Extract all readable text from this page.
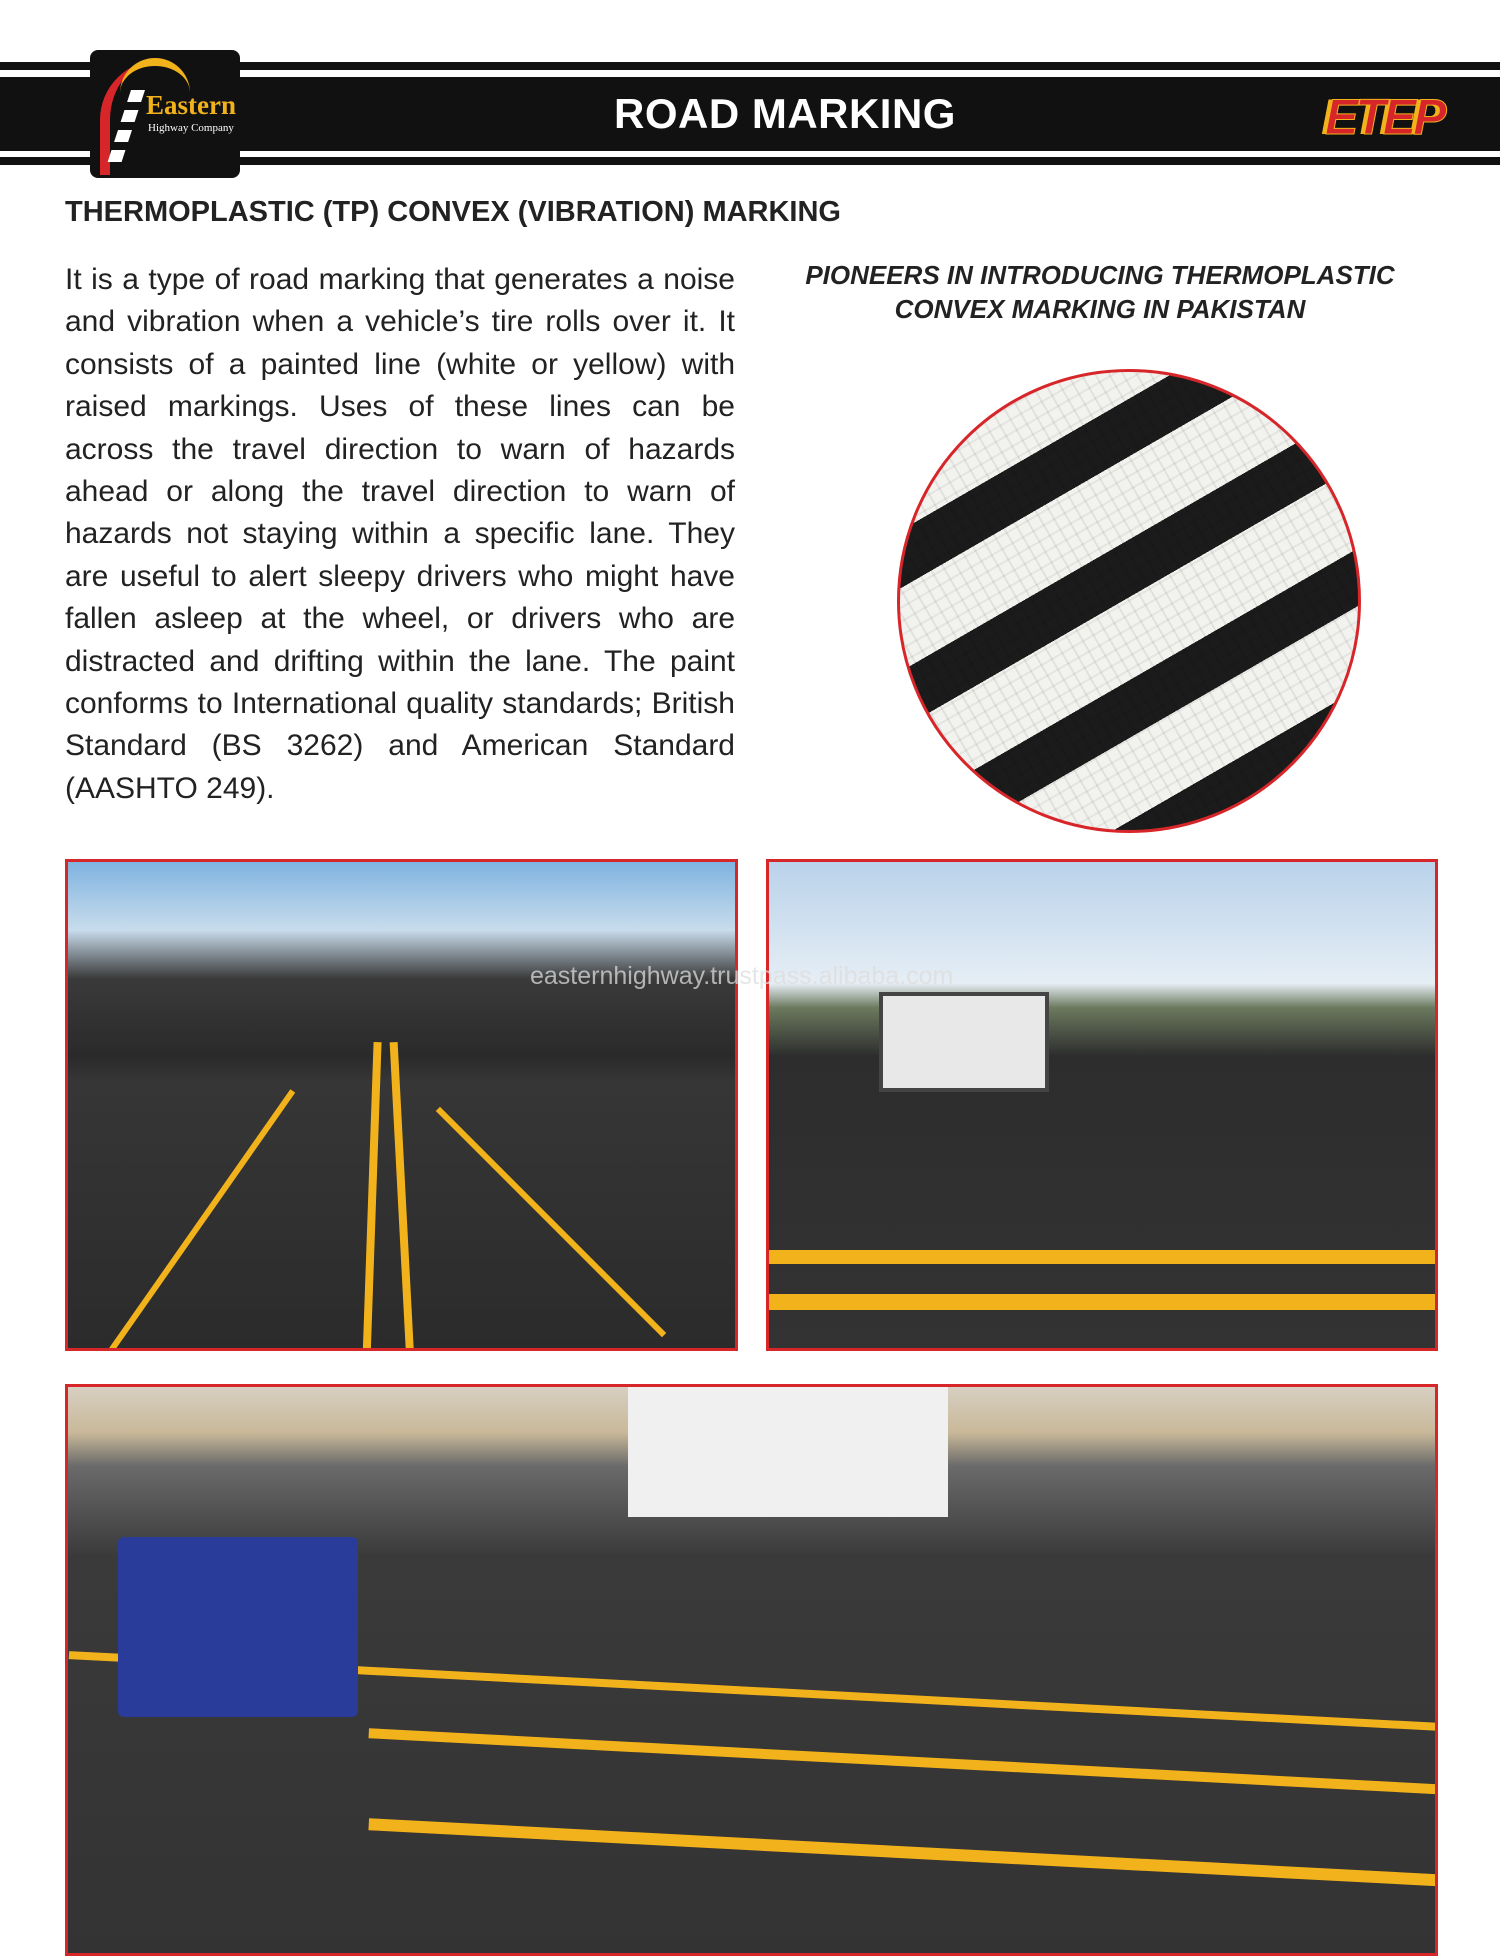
Eastern
Highway Company	ROAD MARKING	ETEP
THERMOPLASTIC (TP) CONVEX (VIBRATION) MARKING
It is a type of road marking that generates a noise and vibration when a vehicle’s tire rolls over it. It consists of a painted line (white or yellow) with raised markings. Uses of these lines can be across the travel direction to warn of hazards ahead or along the travel direction to warn of hazards not staying within a specific lane. They are useful to alert sleepy drivers who might have fallen asleep at the wheel, or drivers who are distracted and drifting within the lane. The paint conforms to International quality standards; British Standard (BS 3262) and American Standard (AASHTO 249).
PIONEERS IN INTRODUCING THERMOPLASTIC
CONVEX MARKING IN PAKISTAN
easternhighway.trustpass.alibaba.com
